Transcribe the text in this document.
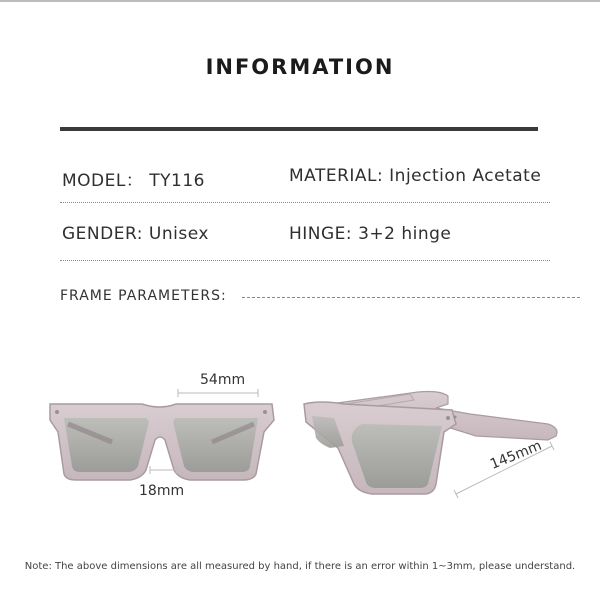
INFORMATION
MODEL： TY116	MATERIAL: Injection Acetate
GENDER: Unisex	HINGE: 3+2 hinge
FRAME PARAMETERS:
54mm
18mm
145mm
Note: The above dimensions are all measured by hand, if there is an error within 1~3mm, please understand.
